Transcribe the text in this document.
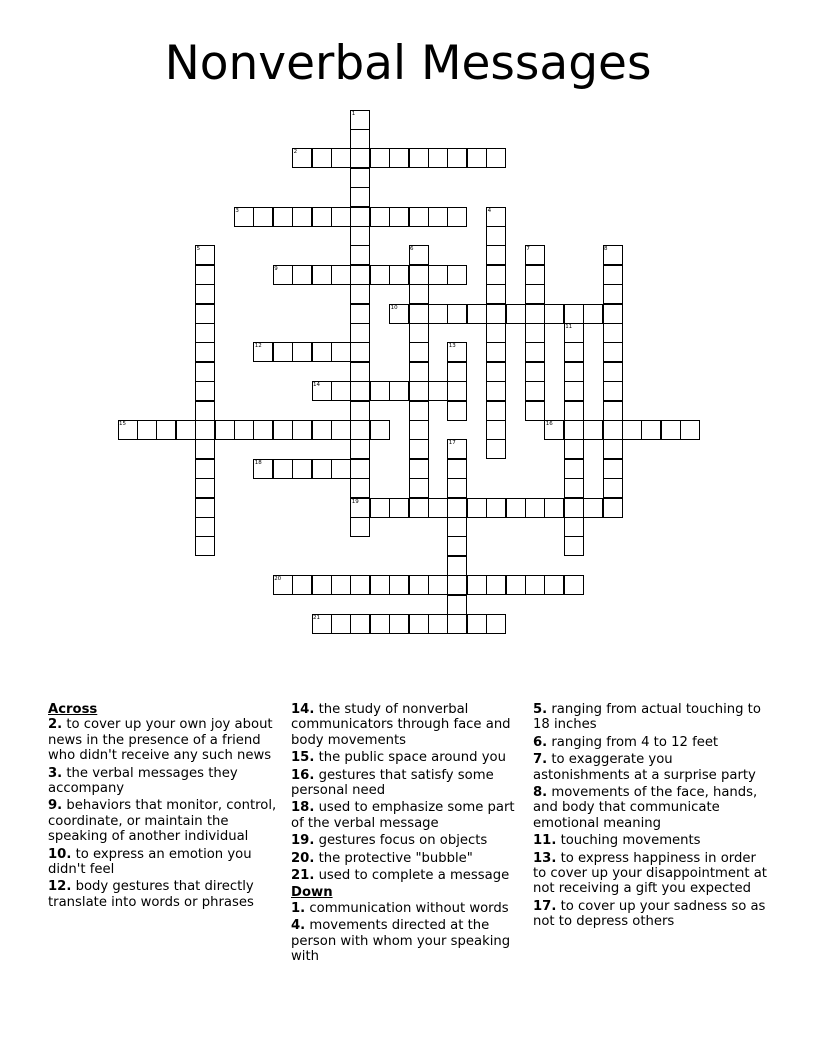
Nonverbal Messages
2
3
9
10
12
14
15	16
18
19
20
21
1
4
5	6	7	8
11
13
17
Across
2. to cover up your own joy about news in the presence of a friend who didn't receive any such news
3. the verbal messages they accompany
9. behaviors that monitor, control, coordinate, or maintain the speaking of another individual
10. to express an emotion you didn't feel
12. body gestures that directly translate into words or phrases
14. the study of nonverbal communicators through face and body movements
15. the public space around you
16. gestures that satisfy some personal need
18. used to emphasize some part of the verbal message
19. gestures focus on objects
20. the protective "bubble"
21. used to complete a message
Down
1. communication without words
4. movements directed at the person with whom your speaking with
5. ranging from actual touching to 18 inches
6. ranging from 4 to 12 feet
7. to exaggerate you astonishments at a surprise party
8. movements of the face, hands, and body that communicate emotional meaning
11. touching movements
13. to express happiness in order to cover up your disappointment at not receiving a gift you expected
17. to cover up your sadness so as not to depress others
